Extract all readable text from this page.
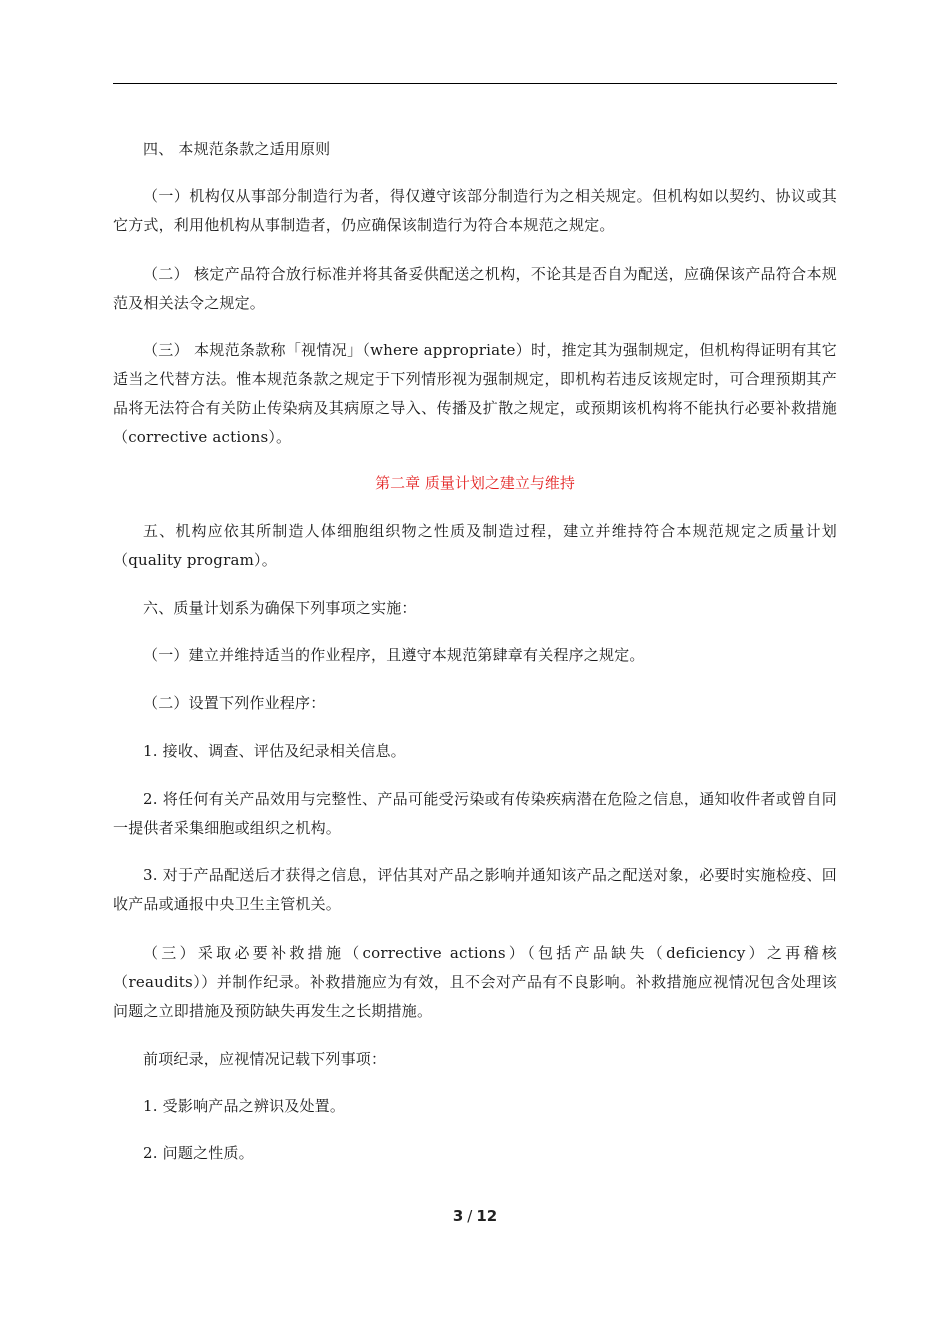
四、 本规范条款之适用原则

（一）机构仅从事部分制造行为者，得仅遵守该部分制造行为之相关规定。但机构如以契约、协议或其它方式，利用他机构从事制造者，仍应确保该制造行为符合本规范之规定。

（二） 核定产品符合放行标准并将其备妥供配送之机构，不论其是否自为配送，应确保该产品符合本规范及相关法令之规定。

（三） 本规范条款称「视情况」（where appropriate）时，推定其为强制规定，但机构得证明有其它适当之代替方法。惟本规范条款之规定于下列情形视为强制规定，即机构若违反该规定时，可合理预期其产品将无法符合有关防止传染病及其病原之导入、传播及扩散之规定，或预期该机构将不能执行必要补救措施（corrective actions）。

第二章 质量计划之建立与维持

五、机构应依其所制造人体细胞组织物之性质及制造过程，建立并维持符合本规范规定之质量计划（quality program）。

六、质量计划系为确保下列事项之实施：

（一）建立并维持适当的作业程序，且遵守本规范第肆章有关程序之规定。

（二）设置下列作业程序：

1. 接收、调查、评估及纪录相关信息。

2. 将任何有关产品效用与完整性、产品可能受污染或有传染疾病潜在危险之信息，通知收件者或曾自同一提供者采集细胞或组织之机构。

3. 对于产品配送后才获得之信息，评估其对产品之影响并通知该产品之配送对象，必要时实施检疫、回收产品或通报中央卫生主管机关。

（三）采取必要补救措施（corrective actions）（包括产品缺失（deficiency）之再稽核（reaudits））并制作纪录。补救措施应为有效，且不会对产品有不良影响。补救措施应视情况包含处理该问题之立即措施及预防缺失再发生之长期措施。

前项纪录，应视情况记载下列事项：

1. 受影响产品之辨识及处置。

2. 问题之性质。

3 / 12
